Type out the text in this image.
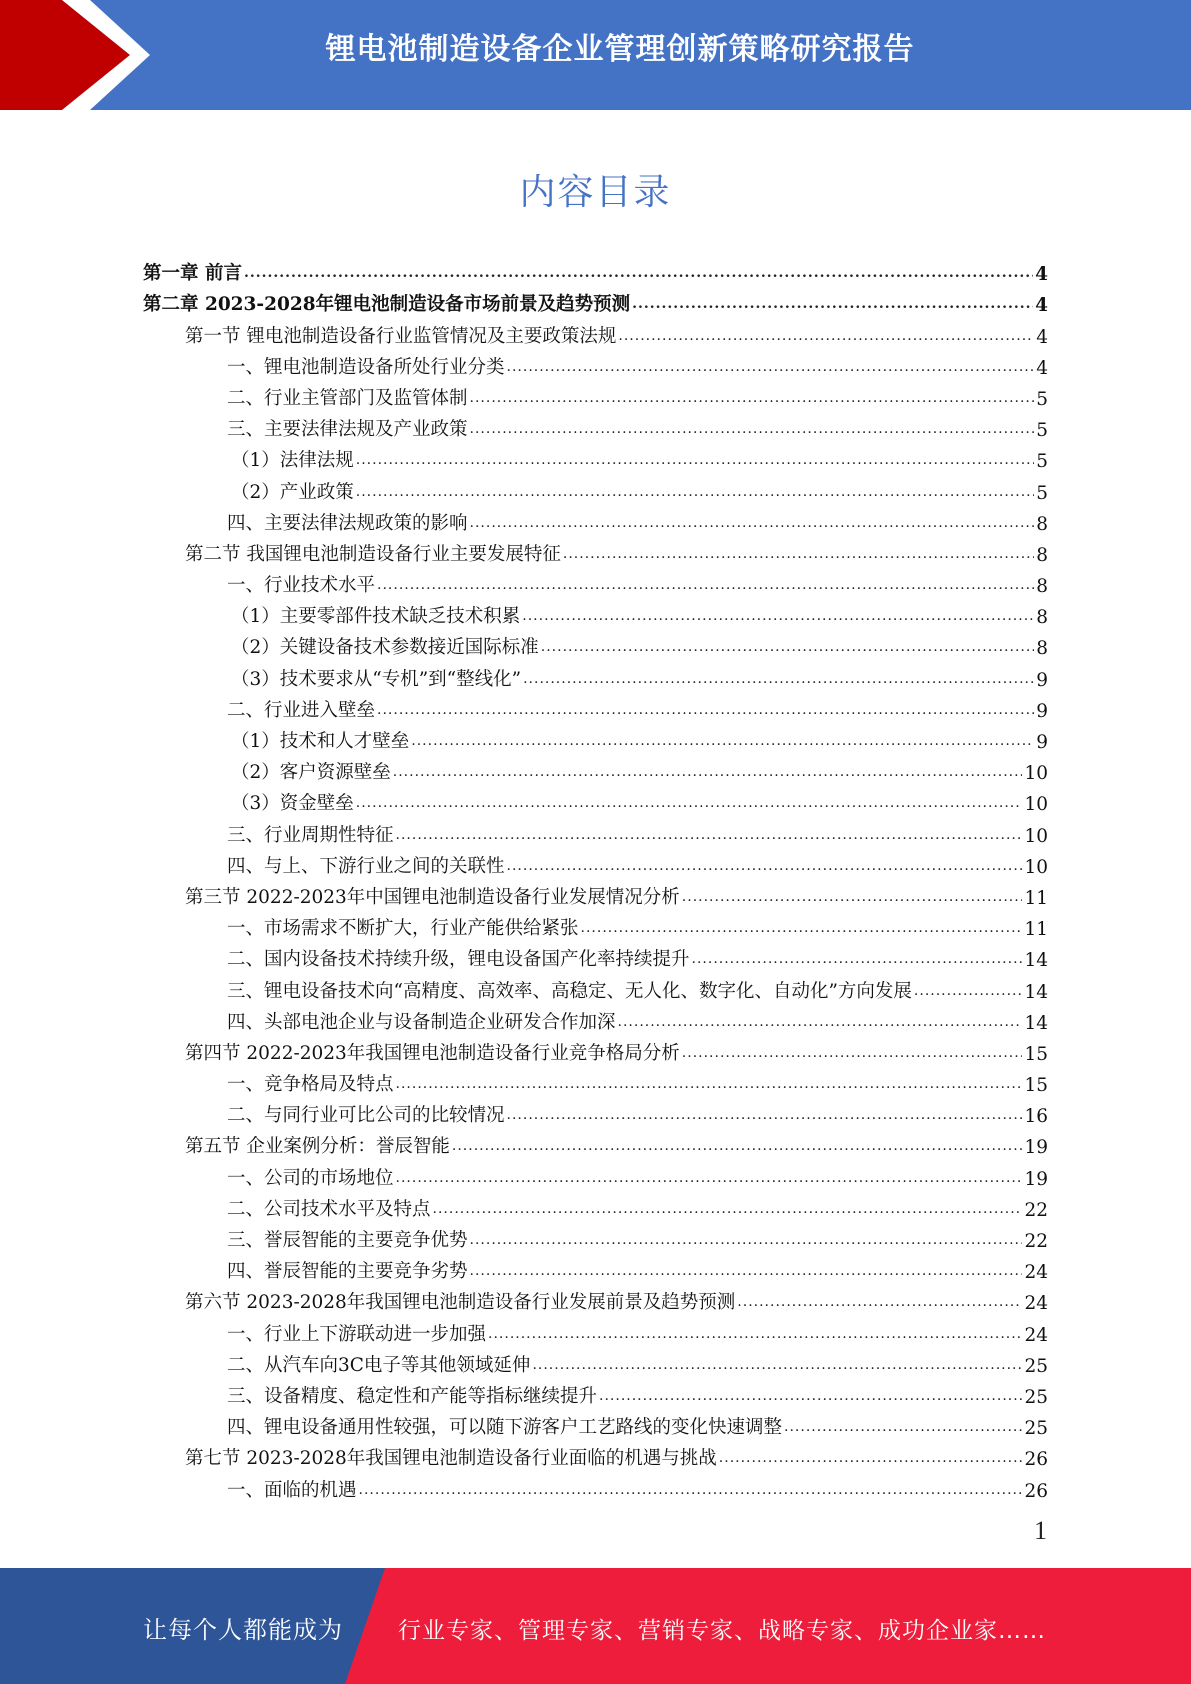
锂电池制造设备企业管理创新策略研究报告
内容目录
第一章 前言 .....	4
第二章 2023-2028年锂电池制造设备市场前景及趋势预测 .....	4
第一节 锂电池制造设备行业监管情况及主要政策法规 .....	4
一、锂电池制造设备所处行业分类 .....	4
二、行业主管部门及监管体制 .....	5
三、主要法律法规及产业政策 .....	5
（1）法律法规 .....	5
（2）产业政策 .....	5
四、主要法律法规政策的影响 .....	8
第二节 我国锂电池制造设备行业主要发展特征 .....	8
一、行业技术水平 .....	8
（1）主要零部件技术缺乏技术积累 .....	8
（2）关键设备技术参数接近国际标准 .....	8
（3）技术要求从“专机”到“整线化” .....	9
二、行业进入壁垒 .....	9
（1）技术和人才壁垒 .....	9
（2）客户资源壁垒 .....	10
（3）资金壁垒 .....	10
三、行业周期性特征 .....	10
四、与上、下游行业之间的关联性 .....	10
第三节 2022-2023年中国锂电池制造设备行业发展情况分析 .....	11
一、市场需求不断扩大，行业产能供给紧张 .....	11
二、国内设备技术持续升级，锂电设备国产化率持续提升 .....	14
三、锂电设备技术向“高精度、高效率、高稳定、无人化、数字化、自动化”方向发展 .....	14
四、头部电池企业与设备制造企业研发合作加深 .....	14
第四节 2022-2023年我国锂电池制造设备行业竞争格局分析 .....	15
一、竞争格局及特点 .....	15
二、与同行业可比公司的比较情况 .....	16
第五节 企业案例分析：誉辰智能 .....	19
一、公司的市场地位 .....	19
二、公司技术水平及特点 .....	22
三、誉辰智能的主要竞争优势 .....	22
四、誉辰智能的主要竞争劣势 .....	24
第六节 2023-2028年我国锂电池制造设备行业发展前景及趋势预测 .....	24
一、行业上下游联动进一步加强 .....	24
二、从汽车向3C电子等其他领域延伸 .....	25
三、设备精度、稳定性和产能等指标继续提升 .....	25
四、锂电设备通用性较强，可以随下游客户工艺路线的变化快速调整 .....	25
第七节 2023-2028年我国锂电池制造设备行业面临的机遇与挑战 .....	26
一、面临的机遇 .....	26
1
让每个人都能成为 行业专家、管理专家、营销专家、战略专家、成功企业家……
